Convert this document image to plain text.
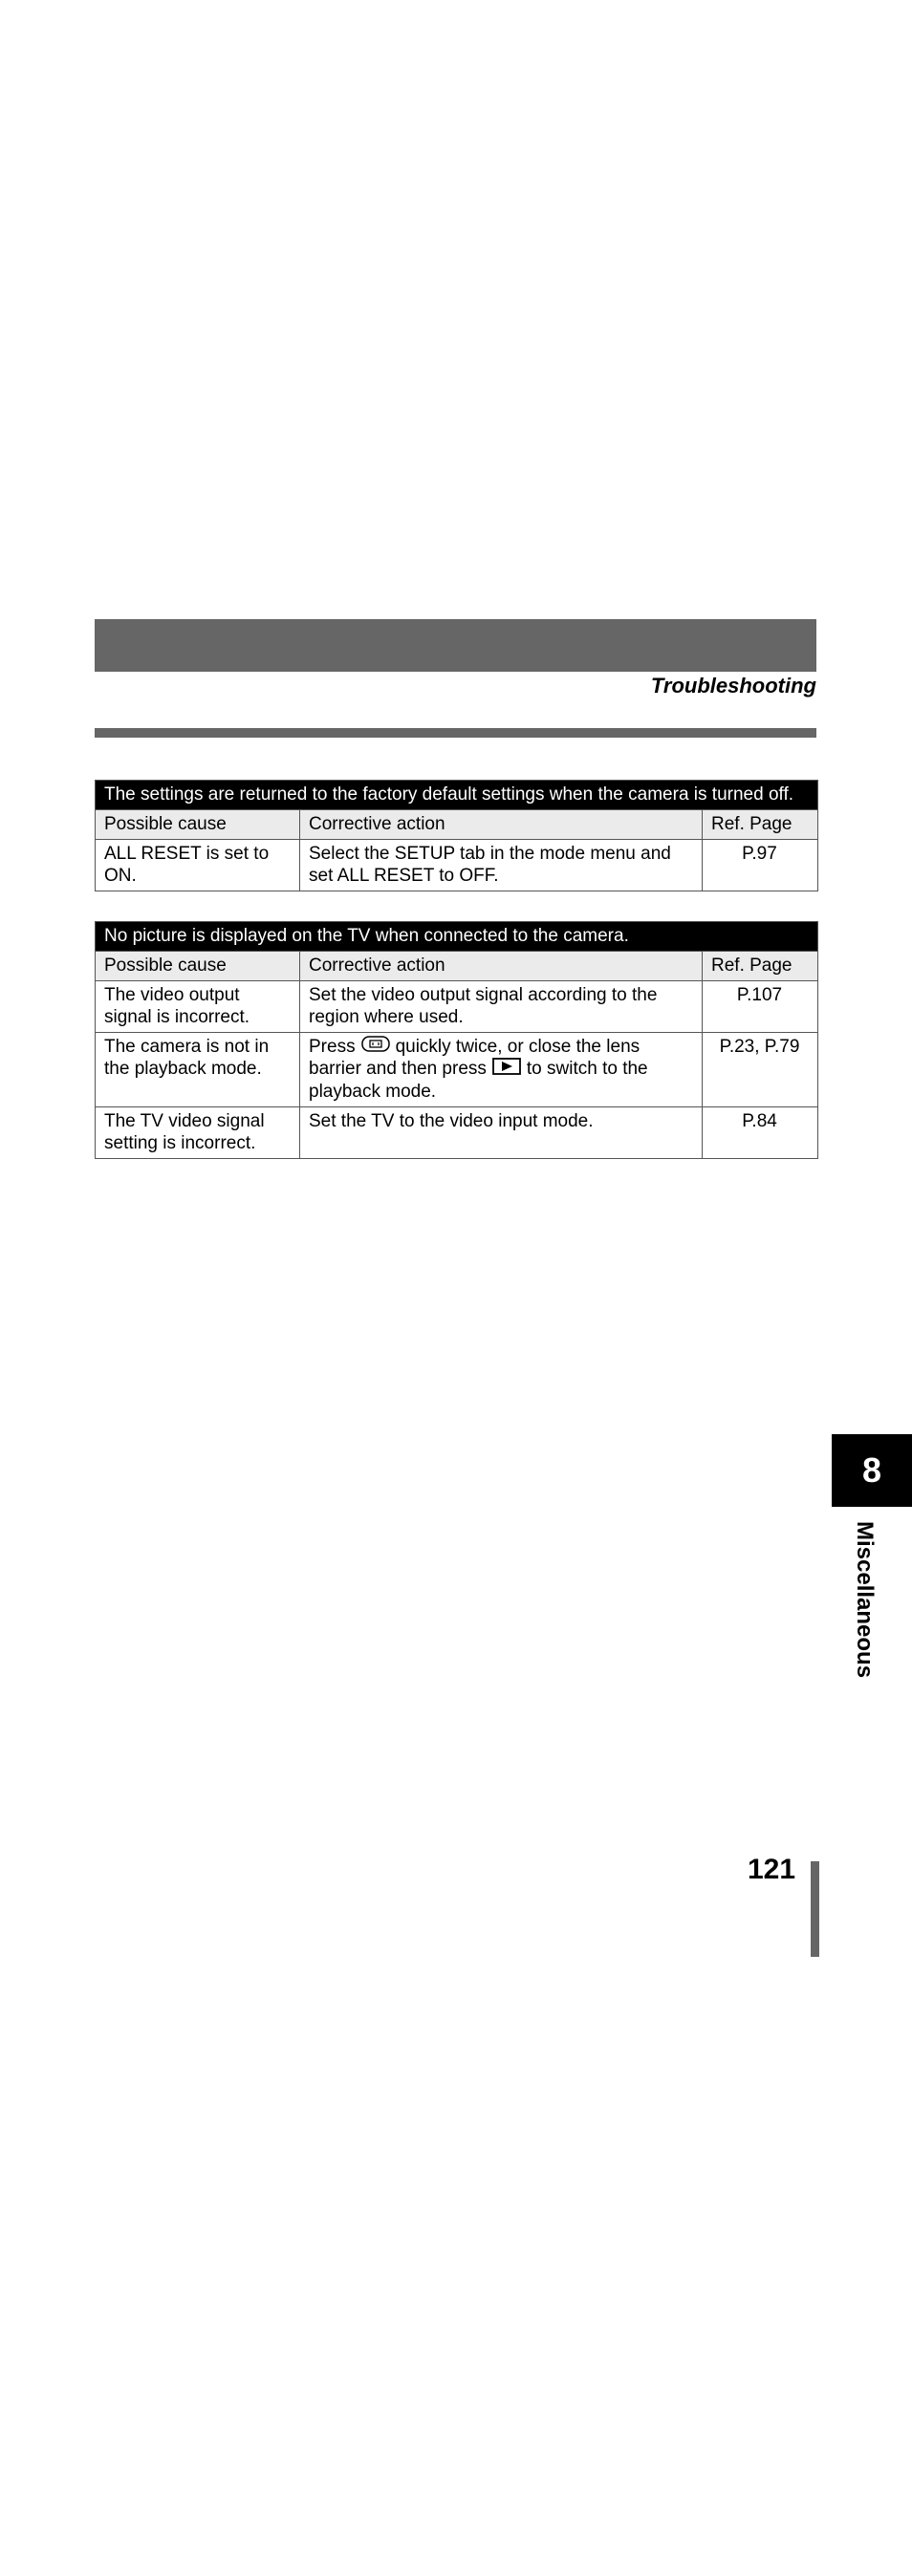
Troubleshooting
The settings are returned to the factory default settings when the camera is turned off.		
Possible cause	Corrective action	Ref. Page
ALL RESET is set to ON.	Select the SETUP tab in the mode menu and set ALL RESET to OFF.	P.97
No picture is displayed on the TV when connected to the camera.		
Possible cause	Corrective action	Ref. Page
The video output signal is incorrect.	Set the video output signal according to the region where used.	P.107
The camera is not in the playback mode.	Press quickly twice, or close the lens barrier and then press to switch to the playback mode.	P.23, P.79
The TV video signal setting is incorrect.	Set the TV to the video input mode.	P.84
8
Miscellaneous
121
